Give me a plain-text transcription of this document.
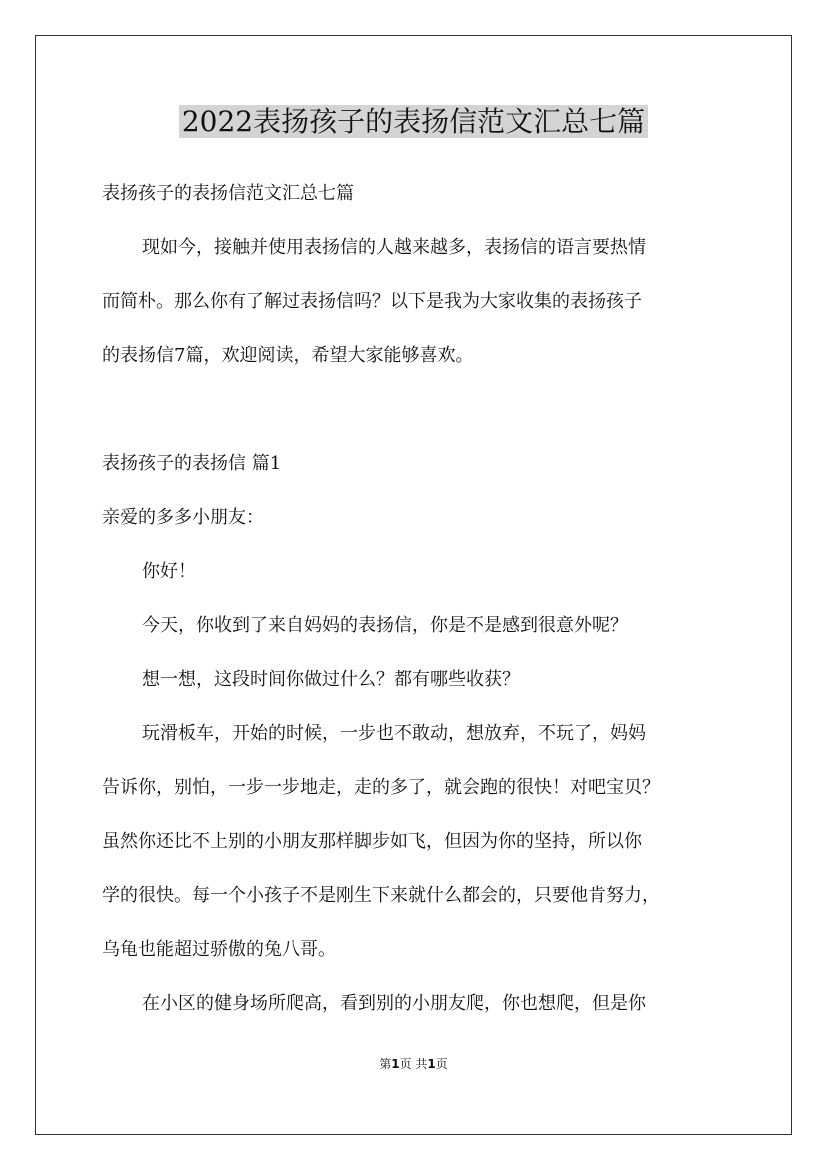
2022表扬孩子的表扬信范文汇总七篇

表扬孩子的表扬信范文汇总七篇

现如今，接触并使用表扬信的人越来越多，表扬信的语言要热情

而简朴。那么你有了解过表扬信吗？以下是我为大家收集的表扬孩子

的表扬信7篇，欢迎阅读，希望大家能够喜欢。

表扬孩子的表扬信 篇1

亲爱的多多小朋友：

你好！

今天，你收到了来自妈妈的表扬信，你是不是感到很意外呢？

想一想，这段时间你做过什么？都有哪些收获？

玩滑板车，开始的时候，一步也不敢动，想放弃，不玩了，妈妈

告诉你，别怕，一步一步地走，走的多了，就会跑的很快！对吧宝贝？

虽然你还比不上别的小朋友那样脚步如飞，但因为你的坚持，所以你

学的很快。每一个小孩子不是刚生下来就什么都会的，只要他肯努力，

乌龟也能超过骄傲的兔八哥。

在小区的健身场所爬高，看到别的小朋友爬，你也想爬，但是你

第1页 共1页
